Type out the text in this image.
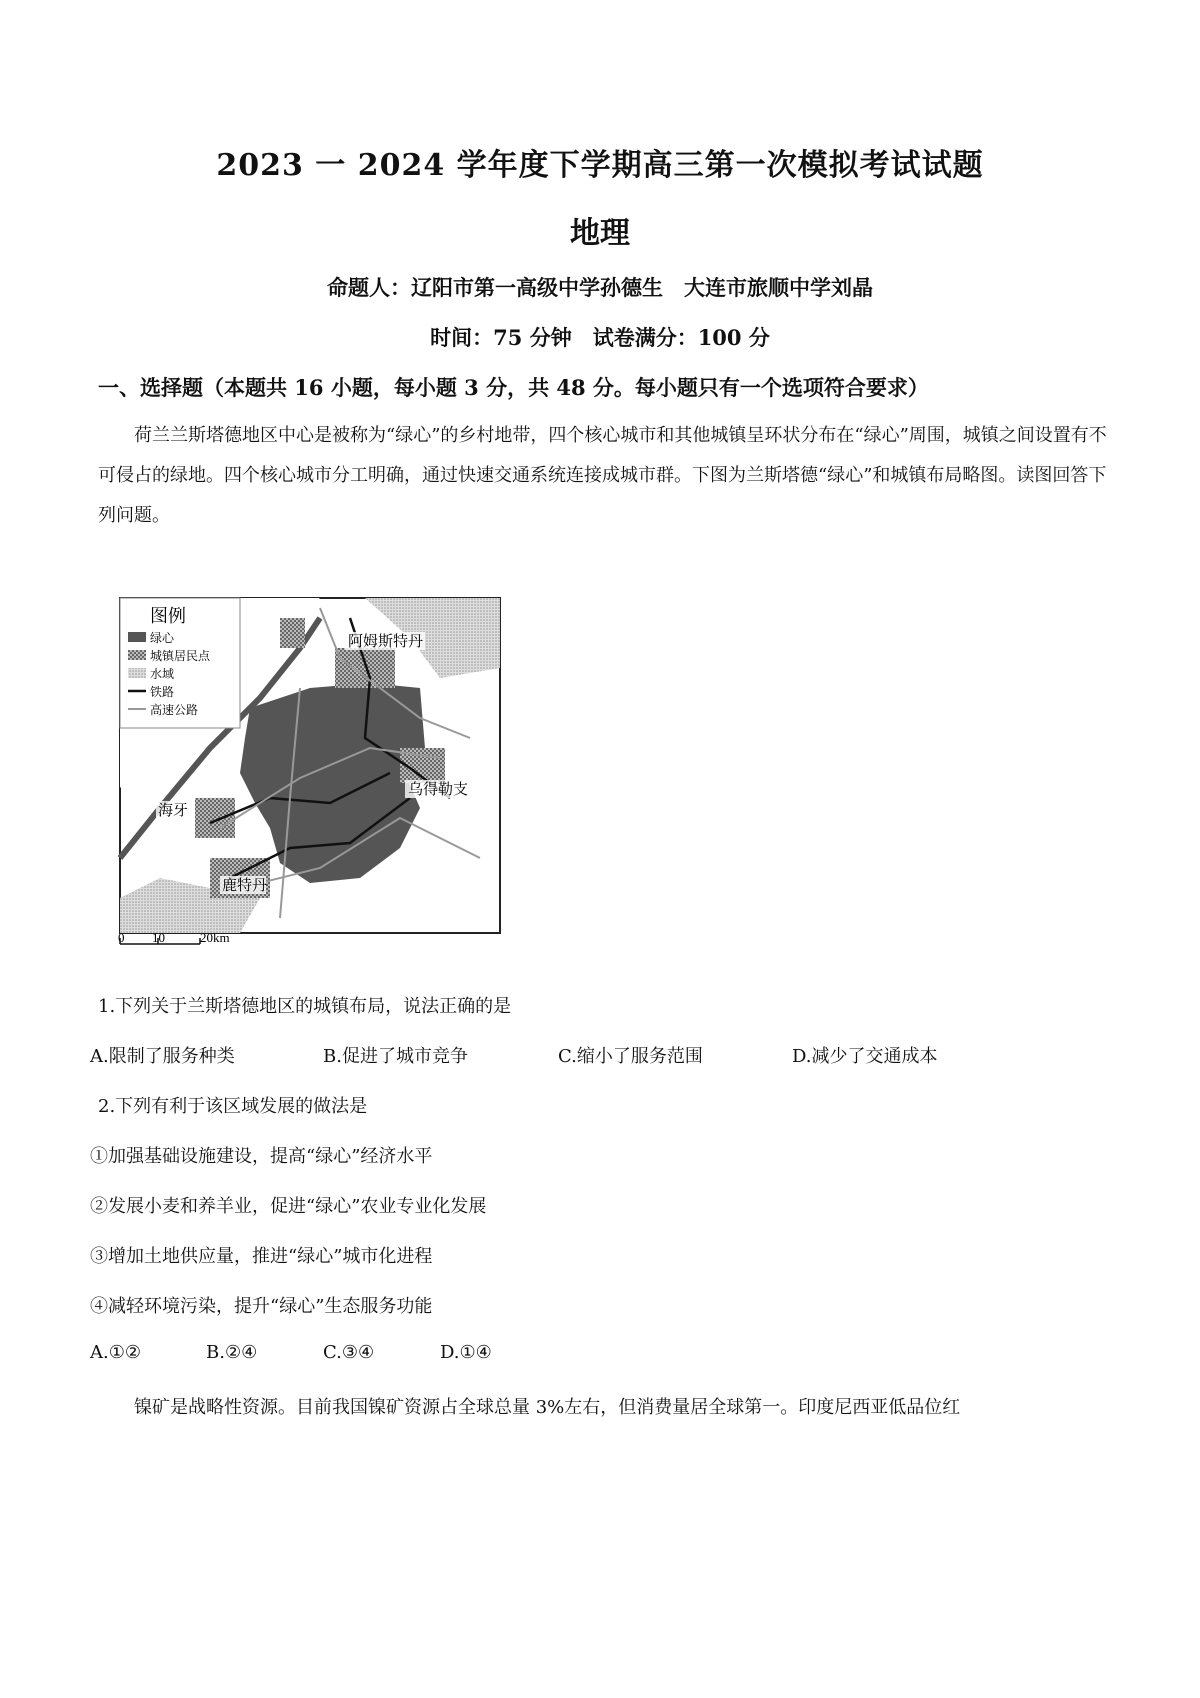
2023 一 2024 学年度下学期高三第一次模拟考试试题
地理
命题人：辽阳市第一高级中学孙德生　大连市旅顺中学刘晶
时间：75 分钟　试卷满分：100 分
一、选择题（本题共 16 小题，每小题 3 分，共 48 分。每小题只有一个选项符合要求）
荷兰兰斯塔德地区中心是被称为“绿心”的乡村地带，四个核心城市和其他城镇呈环状分布在“绿心”周围，城镇之间设置有不可侵占的绿地。四个核心城市分工明确，通过快速交通系统连接成城市群。下图为兰斯塔德“绿心”和城镇布局略图。读图回答下列问题。
图例
绿心
城镇居民点
水域
铁路
高速公路
阿姆斯特丹
乌得勒支
海牙
鹿特丹
0 10	20km
1.下列关于兰斯塔德地区的城镇布局，说法正确的是
A.限制了服务种类	B.促进了城市竞争	C.缩小了服务范围	D.减少了交通成本
2.下列有利于该区域发展的做法是
①加强基础设施建设，提高“绿心”经济水平
②发展小麦和养羊业，促进“绿心”农业专业化发展
③增加土地供应量，推进“绿心”城市化进程
④减轻环境污染，提升“绿心”生态服务功能
A.①②	B.②④	C.③④	D.①④
镍矿是战略性资源。目前我国镍矿资源占全球总量 3%左右，但消费量居全球第一。印度尼西亚低品位红
